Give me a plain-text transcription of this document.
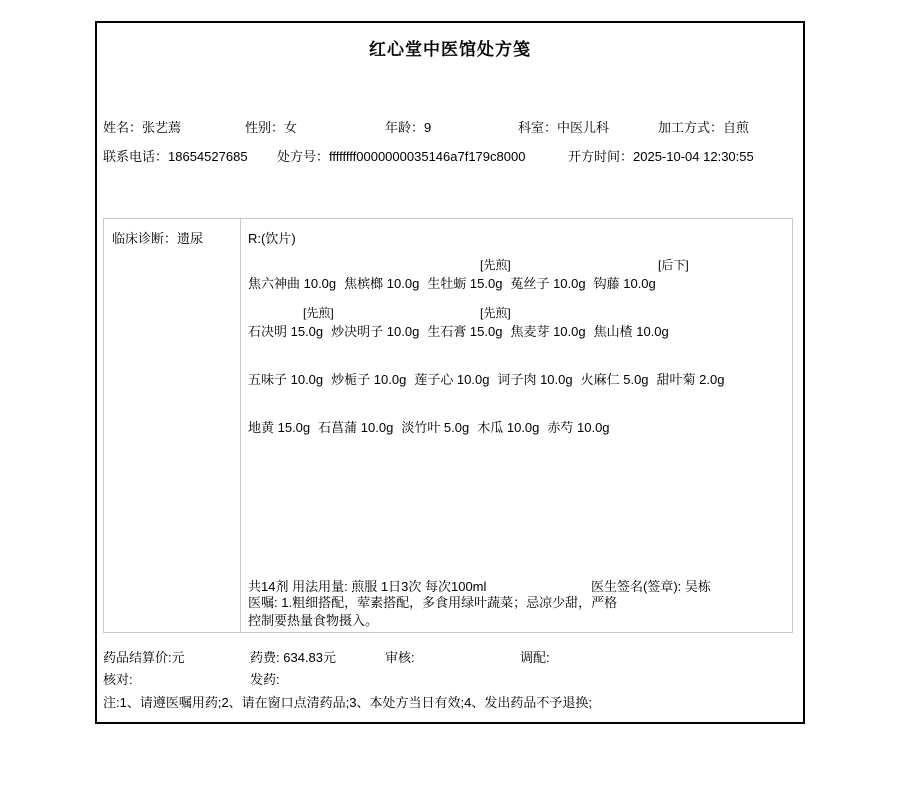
红心堂中医馆处方笺
姓名：张艺蔫	性别：女	年龄：9	科室：中医儿科	加工方式：自煎
联系电话：18654527685 处方号：ffffffff0000000035146a7f179c8000	开方时间：2025-10-04 12:30:55
临床诊断：遗尿	R:(饮片)
[先煎]	[后下]
焦六神曲 10.0g 焦槟榔 10.0g 生牡蛎 15.0g 菟丝子 10.0g 钩藤 10.0g
[先煎]	[先煎]
石决明 15.0g 炒决明子 10.0g 生石膏 15.0g 焦麦芽 10.0g 焦山楂 10.0g
五味子 10.0g 炒栀子 10.0g 莲子心 10.0g 诃子肉 10.0g 火麻仁 5.0g 甜叶菊 2.0g
地黄 15.0g 石菖蒲 10.0g 淡竹叶 5.0g 木瓜 10.0g 赤芍 10.0g
共14剂 用法用量: 煎服 1日3次 每次100ml	医生签名(签章): 吴栋
医嘱: 1.粗细搭配，荤素搭配，多食用绿叶蔬菜；忌凉少甜，严格
控制要热量食物摄入。
药品结算价:元	药费: 634.83元	审核:	调配:
核对:	发药:
注:1、请遵医嘱用药;2、请在窗口点清药品;3、本处方当日有效;4、发出药品不予退换;
